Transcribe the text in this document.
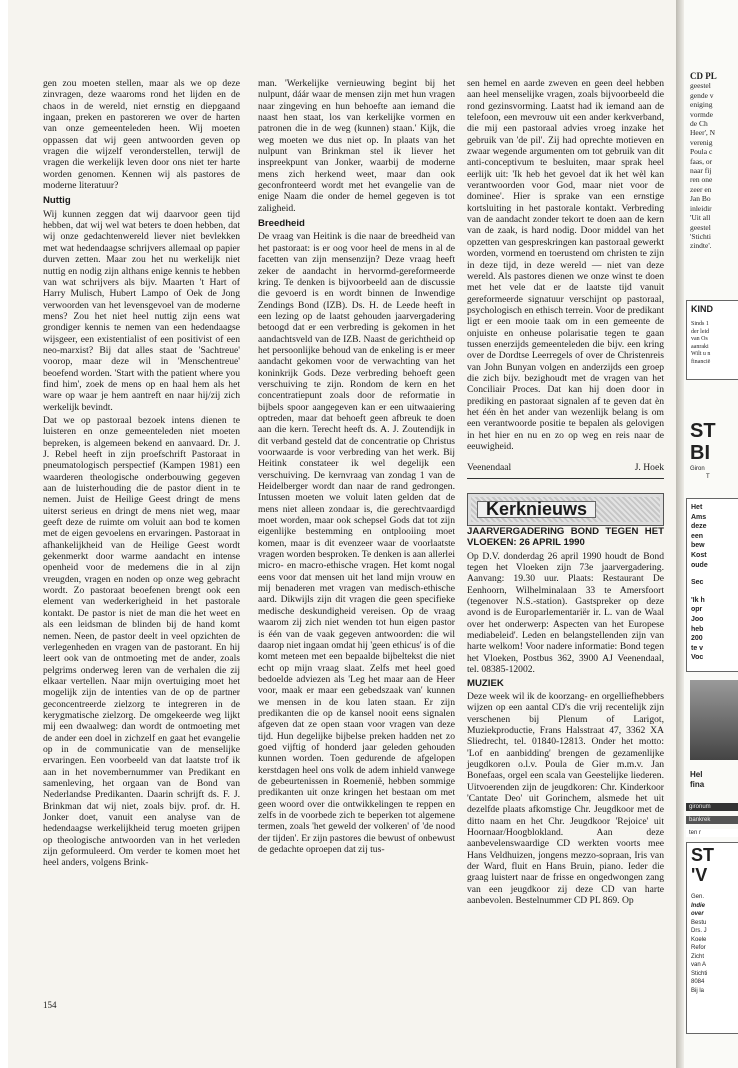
gen zou moeten stellen, maar als we op deze zinvragen, deze waaroms rond het lijden en de chaos in de wereld, niet ernstig en diepgaand ingaan, preken en pastoreren we over de harten van onze gemeenteleden heen. Wij moeten oppassen dat wij geen antwoorden geven op vragen die wijzelf veronderstellen, terwijl de vragen die werkelijk leven door ons niet ter harte worden genomen. Kennen wij als pastores de moderne literatuur?

Nuttig

Wij kunnen zeggen dat wij daarvoor geen tijd hebben, dat wij wel wat beters te doen hebben, dat wij onze gedachtenwereld liever niet bevlekken met wat hedendaagse schrijvers allemaal op papier durven zetten. Maar zou het nu werkelijk niet nuttig en nodig zijn althans enige kennis te hebben van wat schrijvers als bijv. Maarten 't Hart of Harry Mulisch, Hubert Lampo of Oek de Jong verwoorden van het levensgevoel van de moderne mens? Zou het niet heel nuttig zijn eens wat grondiger kennis te nemen van een hedendaagse wijsgeer, een existentialist of een positivist of een neo-marxist? Bij dat alles staat de 'Sachtreue' voorop, maar deze wil in 'Menschentreue' beoefend worden. 'Start with the patient where you find him', zoek de mens op en haal hem als het ware op waar je hem aantreft en naar hij/zij zich werkelijk bevindt.

Dat we op pastoraal bezoek intens dienen te luisteren en onze gemeenteleden niet moeten bepreken, is algemeen bekend en aanvaard. Dr. J. J. Rebel heeft in zijn proefschrift Pastoraat in pneumatologisch perspectief (Kampen 1981) een waarderen theologische onderbouwing gegeven aan de luisterhouding die de pastor dient in te nemen. Juist de Heilige Geest dringt de mens uiterst serieus en dringt de mens niet weg, maar geeft deze de ruimte om voluit aan bod te komen met de eigen gevoelens en ervaringen. Pastoraat in afhankelijkheid van de Heilige Geest wordt gekenmerkt door warme aandacht en intense openheid voor de medemens die in al zijn vreugden, vragen en noden op onze weg gebracht wordt. Zo pastoraat beoefenen brengt ook een element van wederkerigheid in het pastorale kontakt. De pastor is niet de man die het weet en als een leidsman de blinden bij de hand komt nemen. Neen, de pastor deelt in veel opzichten de verlegenheden en vragen van de pastorant. En hij leert ook van de ontmoeting met de ander, zoals pelgrims onderweg leren van de verhalen die zij elkaar vertellen. Naar mijn overtuiging moet het mogelijk zijn de intenties van de op de partner geconcentreerde zielzorg te integreren in de kerygmatische zielzorg. De omgekeerde weg lijkt mij een dwaalweg: dan wordt de ontmoeting met de ander een doel in zichzelf en gaat het evangelie op in de communicatie van de menselijke ervaringen. Een voorbeeld van dat laatste trof ik aan in het novembernummer van Predikant en samenleving, het orgaan van de Bond van Nederlandse Predikanten. Daarin schrijft ds. F. J. Brinkman dat wij niet, zoals bijv. prof. dr. H. Jonker doet, vanuit een analyse van de hedendaagse werkelijkheid terug moeten grijpen op theologische antwoorden van in het verleden zijn geformuleerd. Om verder te komen moet het heel anders, volgens Brink-

man. 'Werkelijke vernieuwing begint bij het nulpunt, dáár waar de mensen zijn met hun vragen naar zingeving en hun behoefte aan iemand die naast hen staat, los van kerkelijke vormen en patronen die in de weg (kunnen) staan.' Kijk, die weg moeten we dus niet op. In plaats van het nulpunt van Brinkman stel ik liever het inspreekpunt van Jonker, waarbij de moderne mens zich herkend weet, maar dan ook geconfronteerd wordt met het evangelie van de enige Naam die onder de hemel gegeven is tot zaligheid.

Breedheid

De vraag van Heitink is die naar de breedheid van het pastoraat: is er oog voor heel de mens in al de facetten van zijn mensenzijn? Deze vraag heeft zeker de aandacht in hervormd-gereformeerde kring. Te denken is bijvoorbeeld aan de discussie die gevoerd is en wordt binnen de Inwendige Zendings Bond (IZB). Ds. H. de Leede heeft in een lezing op de laatst gehouden jaarvergadering betoogd dat er een verbreding is gekomen in het aandachtsveld van de IZB. Naast de gerichtheid op het persoonlijke behoud van de enkeling is er meer aandacht gekomen voor de verwachting van het koninkrijk Gods. Deze verbreding behoeft geen verschuiving te zijn. Rondom de kern en het concentratiepunt zoals door de reformatie in bijbels spoor aangegeven kan er een uitwaaiering optreden, maar dat behoeft geen afbreuk te doen aan die kern. Terecht heeft ds. A. J. Zoutendijk in dit verband gesteld dat de concentratie op Christus voorwaarde is voor verbreding van het werk. Bij Heitink constateer ik wel degelijk een verschuiving. De kernvraag van zondag 1 van de Heidelberger wordt dan naar de rand gedrongen. Intussen moeten we voluit laten gelden dat de mens niet alleen zondaar is, die gerechtvaardigd moet worden, maar ook schepsel Gods dat tot zijn eigenlijke bestemming en ontplooiing moet komen, maar is dit evenzeer waar de voorlaatste vragen worden besproken. Te denken is aan allerlei micro- en macro-ethische vragen. Het komt nogal eens voor dat mensen uit het land mijn vrouw en mij benaderen met vragen van medisch-ethische aard. Dikwijls zijn dit vragen die geen specifieke medische deskundigheid vereisen. Op de vraag waarom zij zich niet wenden tot hun eigen pastor is één van de vaak gegeven antwoorden: die wil daarop niet ingaan omdat hij 'geen ethicus' is of die komt meteen met een bepaalde bijbeltekst die niet echt op mijn vraag slaat. Zelfs met heel goed bedoelde adviezen als 'Leg het maar aan de Heer voor, maak er maar een gebedszaak van' kunnen we mensen in de kou laten staan. Er zijn predikanten die op de kansel nooit eens signalen afgeven dat ze open staan voor vragen van deze tijd. Hun degelijke bijbelse preken hadden net zo goed vijftig of honderd jaar geleden gehouden kunnen worden. Toen gedurende de afgelopen kerstdagen heel ons volk de adem inhield vanwege de gebeurtenissen in Roemenië, hebben sommige predikanten uit onze kringen het bestaan om met geen woord over die ontwikkelingen te reppen en zelfs in de voorbede zich te beperken tot algemene termen, zoals 'het geweld der volkeren' of 'de nood der tijden'. Er zijn pastores die bewust of onbewust de gedachte oproepen dat zij tus-

sen hemel en aarde zweven en geen deel hebben aan heel menselijke vragen, zoals bijvoorbeeld die rond gezinsvorming. Laatst had ik iemand aan de telefoon, een mevrouw uit een ander kerkverband, die mij een pastoraal advies vroeg inzake het gebruik van 'de pil'. Zij had oprechte motieven en zwaar wegende argumenten om tot gebruik van dit anti-conceptivum te besluiten, maar sprak heel eerlijk uit: 'Ik heb het gevoel dat ik het wèl kan verantwoorden voor God, maar niet voor de dominee'. Hier is sprake van een ernstige kortsluiting in het pastorale kontakt. Verbreding van de aandacht zonder tekort te doen aan de kern van de zaak, is hard nodig. Door middel van het opzetten van gespreskringen kan pastoraal gewerkt worden, vormend en toerustend om christen te zijn in deze tijd, in deze wereld — niet van deze wereld. Als pastores dienen we onze winst te doen met het vele dat er de laatste tijd vanuit gereformeerde signatuur verschijnt op pastoraal, psychologisch en ethisch terrein. Voor de predikant ligt er een mooie taak om in een gemeente de onjuiste en onheuse polarisatie tegen te gaan tussen enerzijds gemeenteleden die bijv. een kring over de Dordtse Leerregels of over de Christenreis van John Bunyan volgen en anderzijds een groep die zich bijv. bezighoudt met de vragen van het Conciliair Proces. Dat kan hij doen door in prediking en pastoraat signalen af te geven dat èn het één èn het ander van wezenlijk belang is om een verantwoorde positie te bepalen als gelovigen in het hier en nu en zo op weg en reis naar de eeuwigheid.

Veenendaal	J. Hoek
Kerknieuws

JAARVERGADERING BOND TEGEN HET VLOEKEN: 26 APRIL 1990

Op D.V. donderdag 26 april 1990 houdt de Bond tegen het Vloeken zijn 73e jaarvergadering. Aanvang: 19.30 uur. Plaats: Restaurant De Eenhoorn, Wilhelminalaan 33 te Amersfoort (tegenover N.S.-station). Gastspreker op deze avond is de Europarlementariër ir. L. van de Waal over het onderwerp: Aspecten van het Europese mediabeleid'. Leden en belangstellenden zijn van harte welkom! Voor nadere informatie: Bond tegen het Vloeken, Postbus 362, 3900 AJ Veenendaal, tel. 08385-12002.

MUZIEK

Deze week wil ik de koorzang- en orgelliefhebbers wijzen op een aantal CD's die vrij recentelijk zijn verschenen bij Plenum of Larigot, Muziekproductie, Frans Halsstraat 47, 3362 XA Sliedrecht, tel. 01840-12813. Onder het motto: 'Lof en aanbidding' brengen de gezamenlijke jeugdkoren o.l.v. Poula de Gier m.m.v. Jan Bonefaas, orgel een scala van Geestelijke liederen. Uitvoerenden zijn de jeugdkoren: Chr. Kinderkoor 'Cantate Deo' uit Gorinchem, alsmede het uit dezelfde plaats afkomstige Chr. Jeugdkoor met de ditto naam en het Chr. Jeugdkoor 'Rejoice' uit Hoornaar/Hoogblokland. Aan deze aanbevelenswaardige CD werkten voorts mee Hans Veldhuizen, jongens mezzo-sopraan, Iris van der Ward, fluit en Hans Bruin, piano. Ieder die graag luistert naar de frisse en ongedwongen zang van een jeugdkoor zij deze CD van harte aanbevolen. Bestelnummer CD PL 869. Op

154
CD PL
geestel
gende v
eniging
vormde
de Ch
Heer', N
verenig
Poula c
faas, or
naar fij
ren one
zeer en
Jan Bo
inleidir
'Uit all
geestel
'Stichti
zindte'.
KIND
Sinds 1
der leid
van Os
aanraki
Wilt u n
financië
ST
BI
Giron
T
Het
Ams
deze
een
bew
Kost
oude
Sec
'Ik h
opr
Joo
heb
200
te v
Voc
Hel
fina
gironum
bankrek
ten r
ST
'V
Gen.
Indie
over
Bestu
Drs. J
Koele
Refor
Zicht
van A
Stichti
8084
Bij la
